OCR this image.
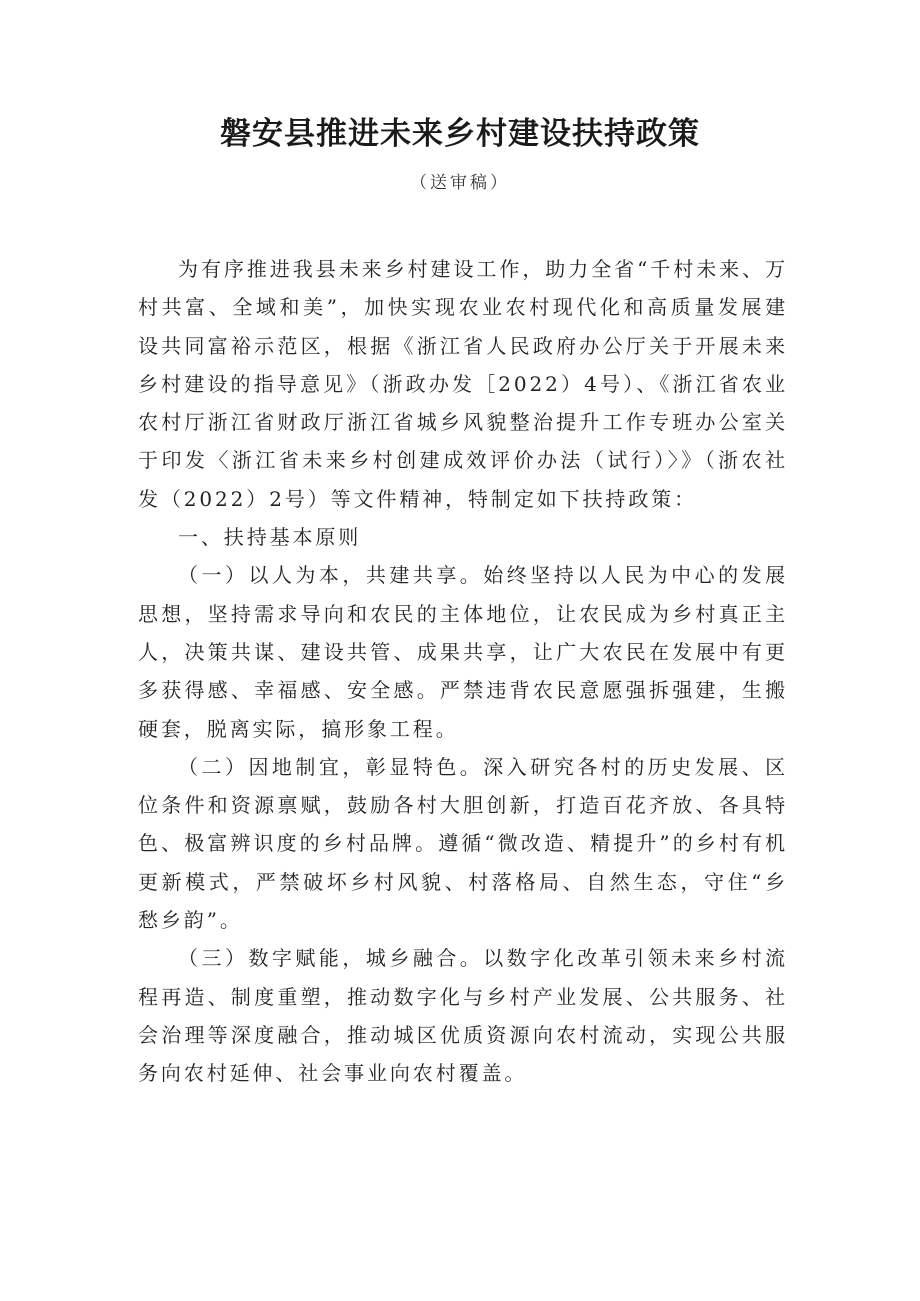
磐安县推进未来乡村建设扶持政策
（送审稿）

为有序推进我县未来乡村建设工作，助力全省“千村未来、万村共富、全域和美”，加快实现农业农村现代化和高质量发展建设共同富裕示范区，根据《浙江省人民政府办公厅关于开展未来乡村建设的指导意见》（浙政办发［2022）4号）、《浙江省农业农村厅浙江省财政厅浙江省城乡风貌整治提升工作专班办公室关于印发〈浙江省未来乡村创建成效评价办法（试行）〉》（浙农社发（2022）2号）等文件精神，特制定如下扶持政策：

一、扶持基本原则

（一）以人为本，共建共享。始终坚持以人民为中心的发展思想，坚持需求导向和农民的主体地位，让农民成为乡村真正主人，决策共谋、建设共管、成果共享，让广大农民在发展中有更多获得感、幸福感、安全感。严禁违背农民意愿强拆强建，生搬硬套，脱离实际，搞形象工程。

（二）因地制宜，彰显特色。深入研究各村的历史发展、区位条件和资源禀赋，鼓励各村大胆创新，打造百花齐放、各具特色、极富辨识度的乡村品牌。遵循“微改造、精提升”的乡村有机更新模式，严禁破坏乡村风貌、村落格局、自然生态，守住“乡愁乡韵”。

（三）数字赋能，城乡融合。以数字化改革引领未来乡村流程再造、制度重塑，推动数字化与乡村产业发展、公共服务、社会治理等深度融合，推动城区优质资源向农村流动，实现公共服务向农村延伸、社会事业向农村覆盖。
